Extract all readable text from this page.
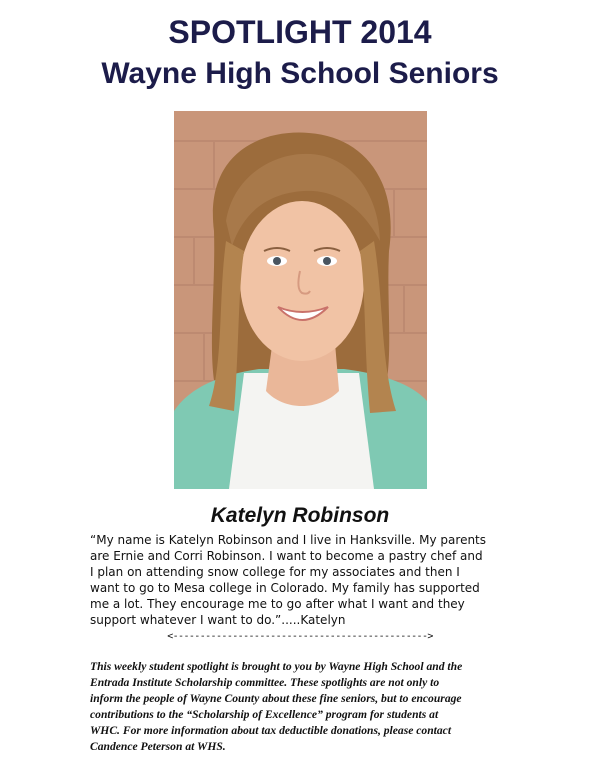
SPOTLIGHT 2014
Wayne High School Seniors
Katelyn Robinson

“My name is Katelyn Robinson and I live in Hanksville. My parents
are Ernie and Corri Robinson. I want to become a pastry chef and
I plan on attending snow college for my associates and then I
want to go to Mesa college in Colorado. My family has supported
me a lot. They encourage me to go after what I want and they
support whatever I want to do.”.....Katelyn

<----------------------------------------------->

This weekly student spotlight is brought to you by Wayne High School and the
Entrada Institute Scholarship committee. These spotlights are not only to
inform the people of Wayne County about these fine seniors, but to encourage
contributions to the “Scholarship of Excellence” program for students at
WHC. For more information about tax deductible donations, please contact
Candence Peterson at WHS.
